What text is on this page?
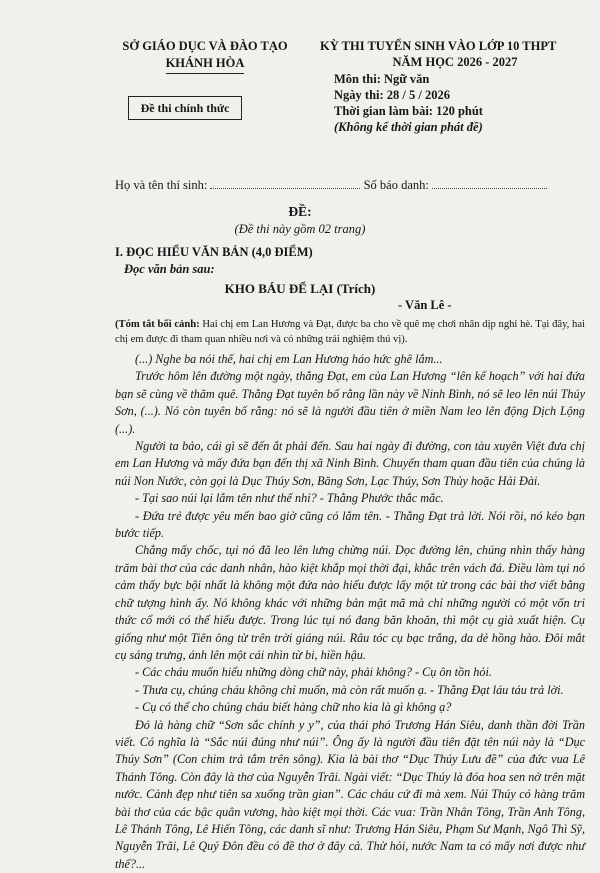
SỞ GIÁO DỤC VÀ ĐÀO TẠO
KHÁNH HÒA
Đề thi chính thức
KỲ THI TUYỂN SINH VÀO LỚP 10 THPT
NĂM HỌC 2026 - 2027
Môn thi: Ngữ văn
Ngày thi: 28 / 5 / 2026
Thời gian làm bài: 120 phút
(Không kể thời gian phát đề)
Họ và tên thí sinh:	Số báo danh:
ĐỀ:
(Đề thi này gồm 02 trang)
I. ĐỌC HIỂU VĂN BẢN (4,0 ĐIỂM)
Đọc văn bản sau:
KHO BÁU ĐỂ LẠI (Trích)
- Văn Lê -

(Tóm tắt bối cảnh: Hai chị em Lan Hương và Đạt, được ba cho về quê mẹ chơi nhân dịp nghỉ hè. Tại đây, hai chị em được đi tham quan nhiều nơi và có những trải nghiệm thú vị).

(...) Nghe ba nói thế, hai chị em Lan Hương háo hức ghê lắm...

Trước hôm lên đường một ngày, thằng Đạt, em của Lan Hương “lên kế hoạch” với hai đứa bạn sẽ cùng về thăm quê. Thằng Đạt tuyên bố rằng lần này về Ninh Bình, nó sẽ leo lên núi Thúy Sơn, (...). Nó còn tuyên bố rằng: nó sẽ là người đầu tiên ở miền Nam leo lên động Dịch Lộng (...).

Người ta bảo, cái gì sẽ đến ắt phải đến. Sau hai ngày đi đường, con tàu xuyên Việt đưa chị em Lan Hương và mấy đứa bạn đến thị xã Ninh Bình. Chuyến tham quan đầu tiên của chúng là núi Non Nước, còn gọi là Dục Thúy Sơn, Băng Sơn, Lạc Thúy, Sơn Thủy hoặc Hải Đài.

- Tại sao núi lại lắm tên như thế nhỉ? - Thằng Phước thắc mắc.

- Đứa trẻ được yêu mến bao giờ cũng có lắm tên. - Thằng Đạt trả lời. Nói rồi, nó kéo bạn bước tiếp.

Chẳng mấy chốc, tụi nó đã leo lên lưng chừng núi. Dọc đường lên, chúng nhìn thấy hàng trăm bài thơ của các danh nhân, hào kiệt khắp mọi thời đại, khắc trên vách đá. Điều làm tụi nó cảm thấy bực bội nhất là không một đứa nào hiểu được lấy một từ trong các bài thơ viết bằng chữ tượng hình ấy. Nó không khác với những bản mật mã mà chỉ những người có một vốn tri thức cổ mới có thể hiểu được. Trong lúc tụi nó đang băn khoăn, thì một cụ già xuất hiện. Cụ giống như một Tiên ông từ trên trời giáng núi. Râu tóc cụ bạc trắng, da dẻ hồng hào. Đôi mắt cụ sáng trưng, ánh lên một cái nhìn từ bi, hiền hậu.

- Các cháu muốn hiểu những dòng chữ này, phải không? - Cụ ôn tồn hỏi.

- Thưa cụ, chúng cháu không chỉ muốn, mà còn rất muốn ạ. - Thằng Đạt láu táu trả lời.

- Cụ có thể cho chúng cháu biết hàng chữ nho kia là gì không ạ?

Đó là hàng chữ “Sơn sắc chính y y”, của thái phó Trương Hán Siêu, danh thần đời Trần viết. Có nghĩa là “Sắc núi đúng như núi”. Ông ấy là người đầu tiên đặt tên núi này là “Dục Thúy Sơn” (Con chim trả tắm trên sông). Kia là bài thơ “Dục Thúy Lưu đề” của đức vua Lê Thánh Tông. Còn đây là thơ của Nguyễn Trãi. Ngài viết: “Dục Thúy là đóa hoa sen nở trên mặt nước. Cảnh đẹp như tiên sa xuống trần gian”. Các cháu cứ đi mà xem. Núi Thúy có hàng trăm bài thơ của các bậc quân vương, hào kiệt mọi thời. Các vua: Trần Nhân Tông, Trần Anh Tông, Lê Thánh Tông, Lê Hiến Tông, các danh sĩ như: Trương Hán Siêu, Phạm Sư Mạnh, Ngô Thì Sỹ, Nguyễn Trãi, Lê Quý Đôn đều có đề thơ ở đây cả. Thử hỏi, nước Nam ta có mấy nơi được như thế?...
